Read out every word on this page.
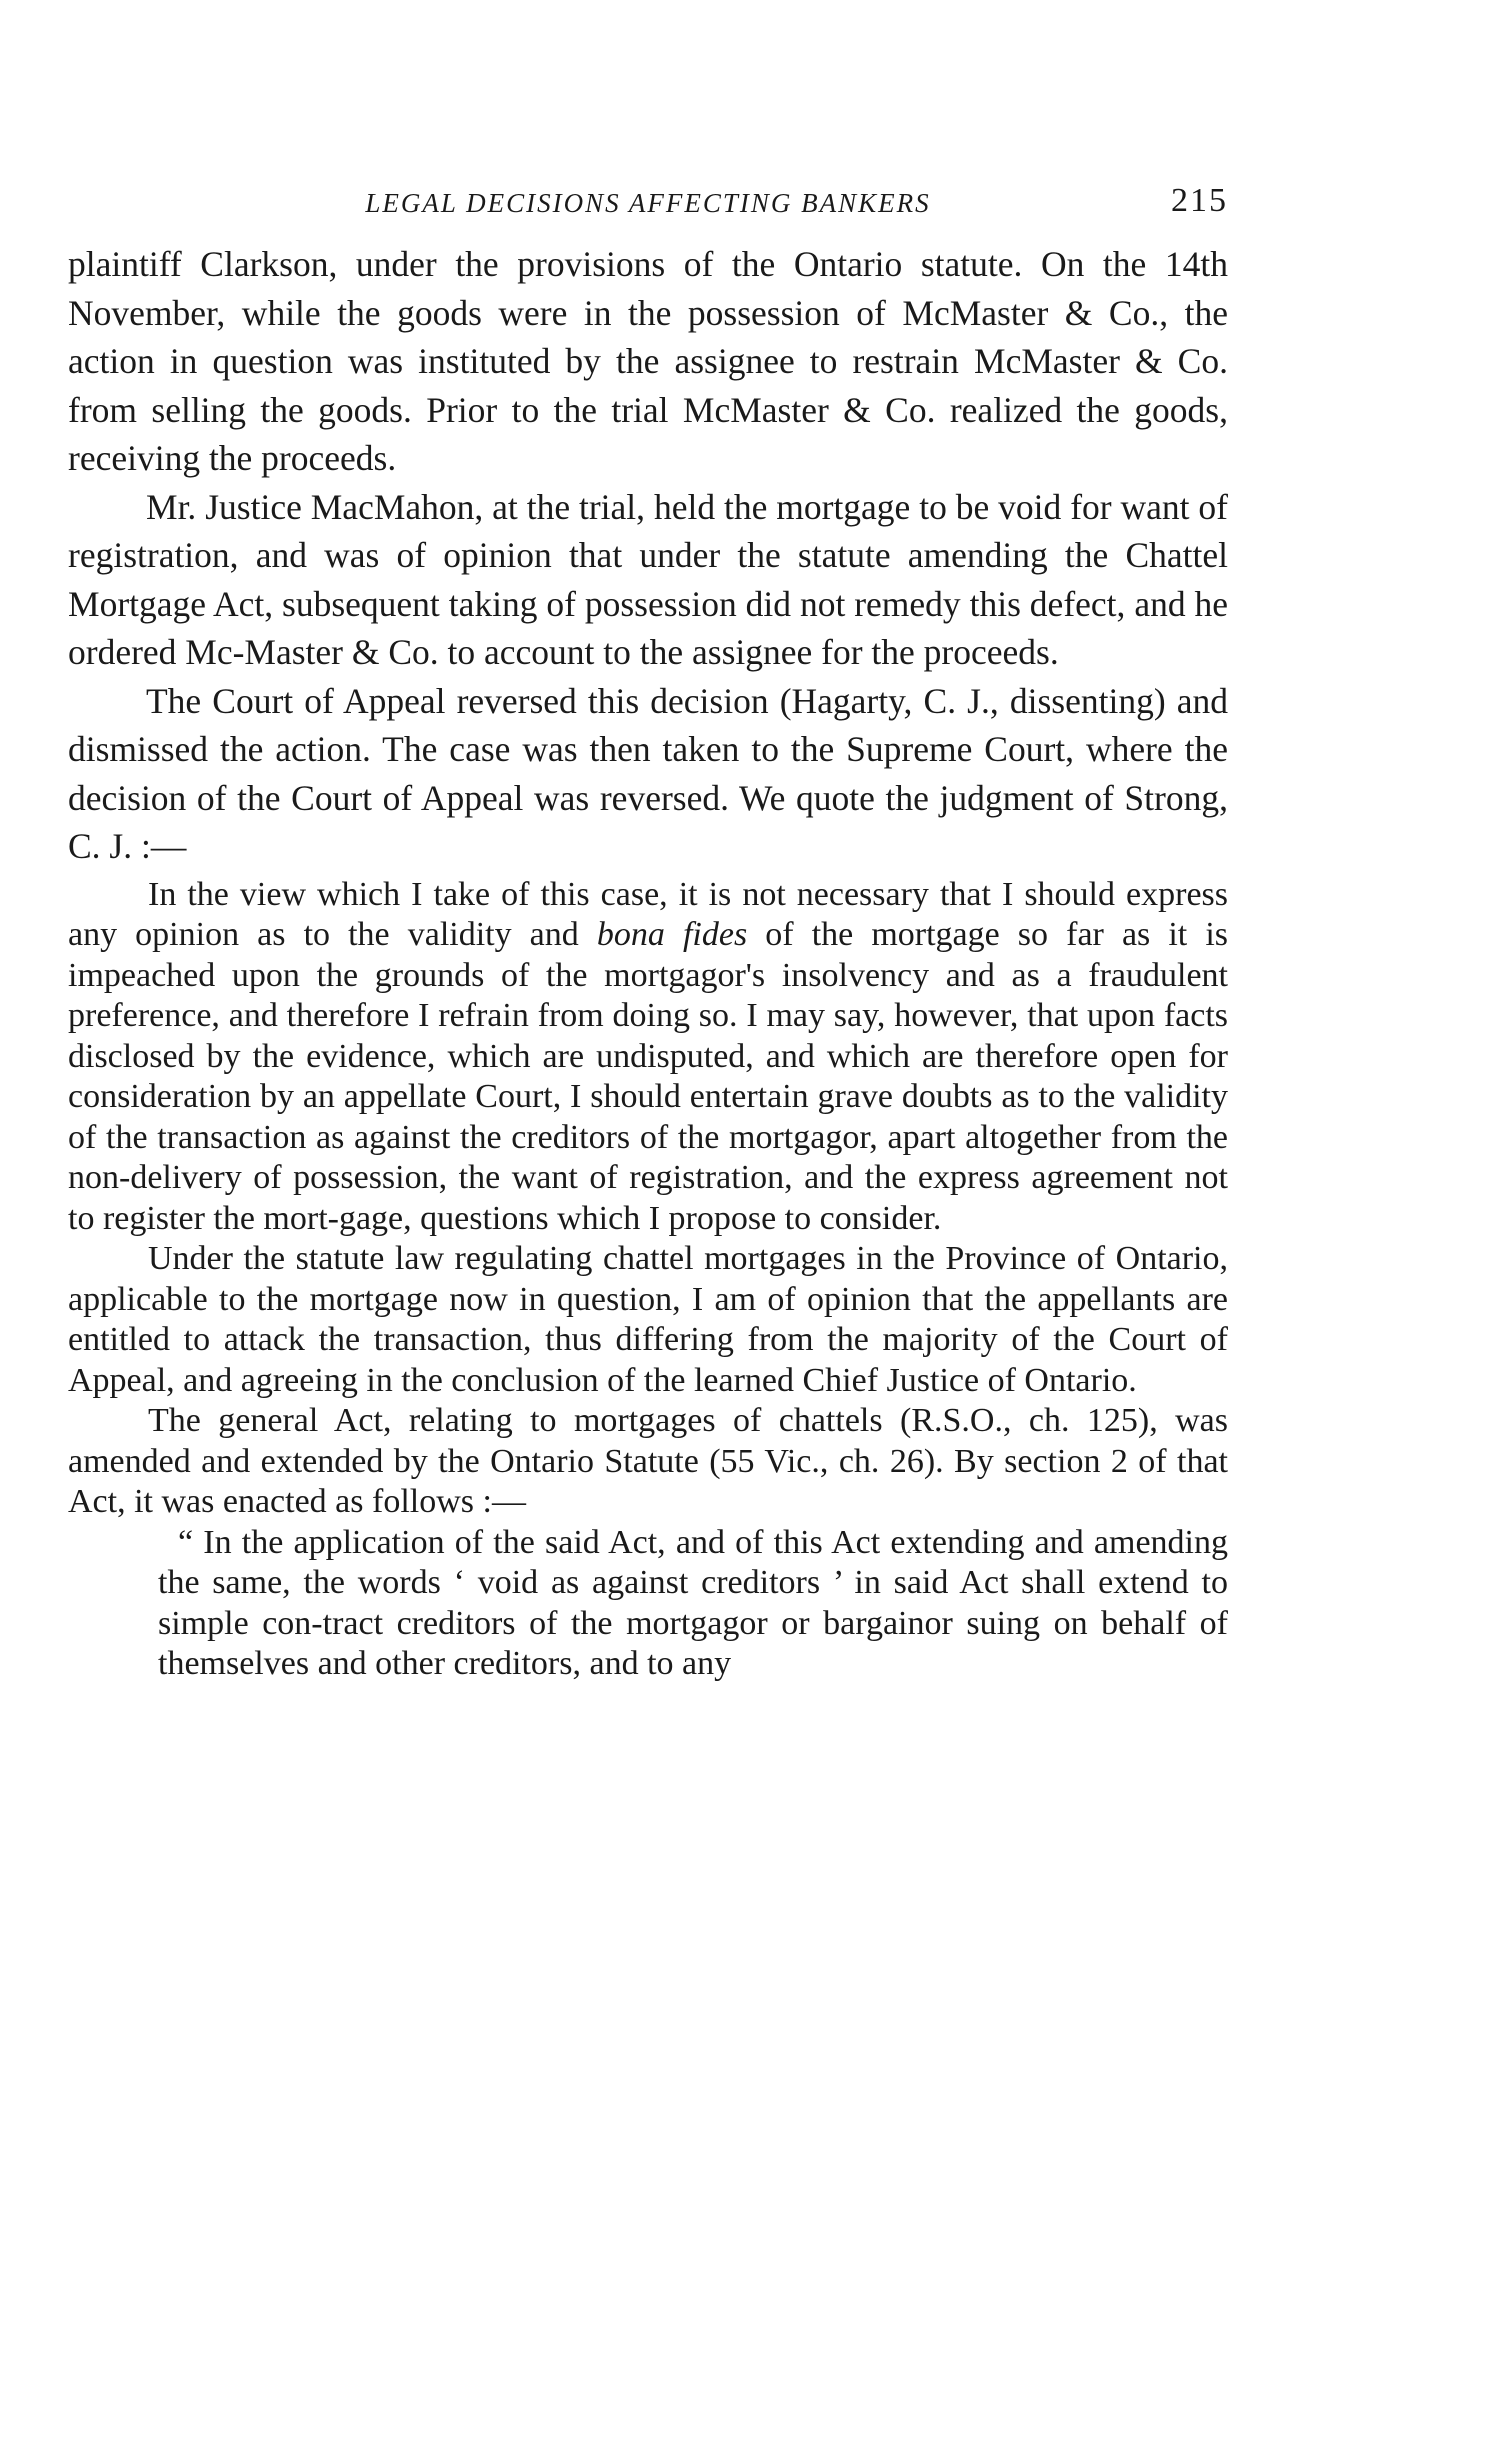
LEGAL DECISIONS AFFECTING BANKERS	215

plaintiff Clarkson, under the provisions of the Ontario statute. On the 14th November, while the goods were in the possession of McMaster & Co., the action in question was instituted by the assignee to restrain McMaster & Co. from selling the goods. Prior to the trial McMaster & Co. realized the goods, receiving the proceeds.

Mr. Justice MacMahon, at the trial, held the mortgage to be void for want of registration, and was of opinion that under the statute amending the Chattel Mortgage Act, subsequent taking of possession did not remedy this defect, and he ordered Mc-Master & Co. to account to the assignee for the proceeds.

The Court of Appeal reversed this decision (Hagarty, C. J., dissenting) and dismissed the action. The case was then taken to the Supreme Court, where the decision of the Court of Appeal was reversed. We quote the judgment of Strong, C. J. :—

In the view which I take of this case, it is not necessary that I should express any opinion as to the validity and bona fides of the mortgage so far as it is impeached upon the grounds of the mortgagor's insolvency and as a fraudulent preference, and therefore I refrain from doing so. I may say, however, that upon facts disclosed by the evidence, which are undisputed, and which are therefore open for consideration by an appellate Court, I should entertain grave doubts as to the validity of the transaction as against the creditors of the mortgagor, apart altogether from the non-delivery of possession, the want of registration, and the express agreement not to register the mort-gage, questions which I propose to consider.

Under the statute law regulating chattel mortgages in the Province of Ontario, applicable to the mortgage now in question, I am of opinion that the appellants are entitled to attack the transaction, thus differing from the majority of the Court of Appeal, and agreeing in the conclusion of the learned Chief Justice of Ontario.

The general Act, relating to mortgages of chattels (R.S.O., ch. 125), was amended and extended by the Ontario Statute (55 Vic., ch. 26). By section 2 of that Act, it was enacted as follows :—

“ In the application of the said Act, and of this Act extending and amending the same, the words ‘ void as against creditors ’ in said Act shall extend to simple con-tract creditors of the mortgagor or bargainor suing on behalf of themselves and other creditors, and to any
